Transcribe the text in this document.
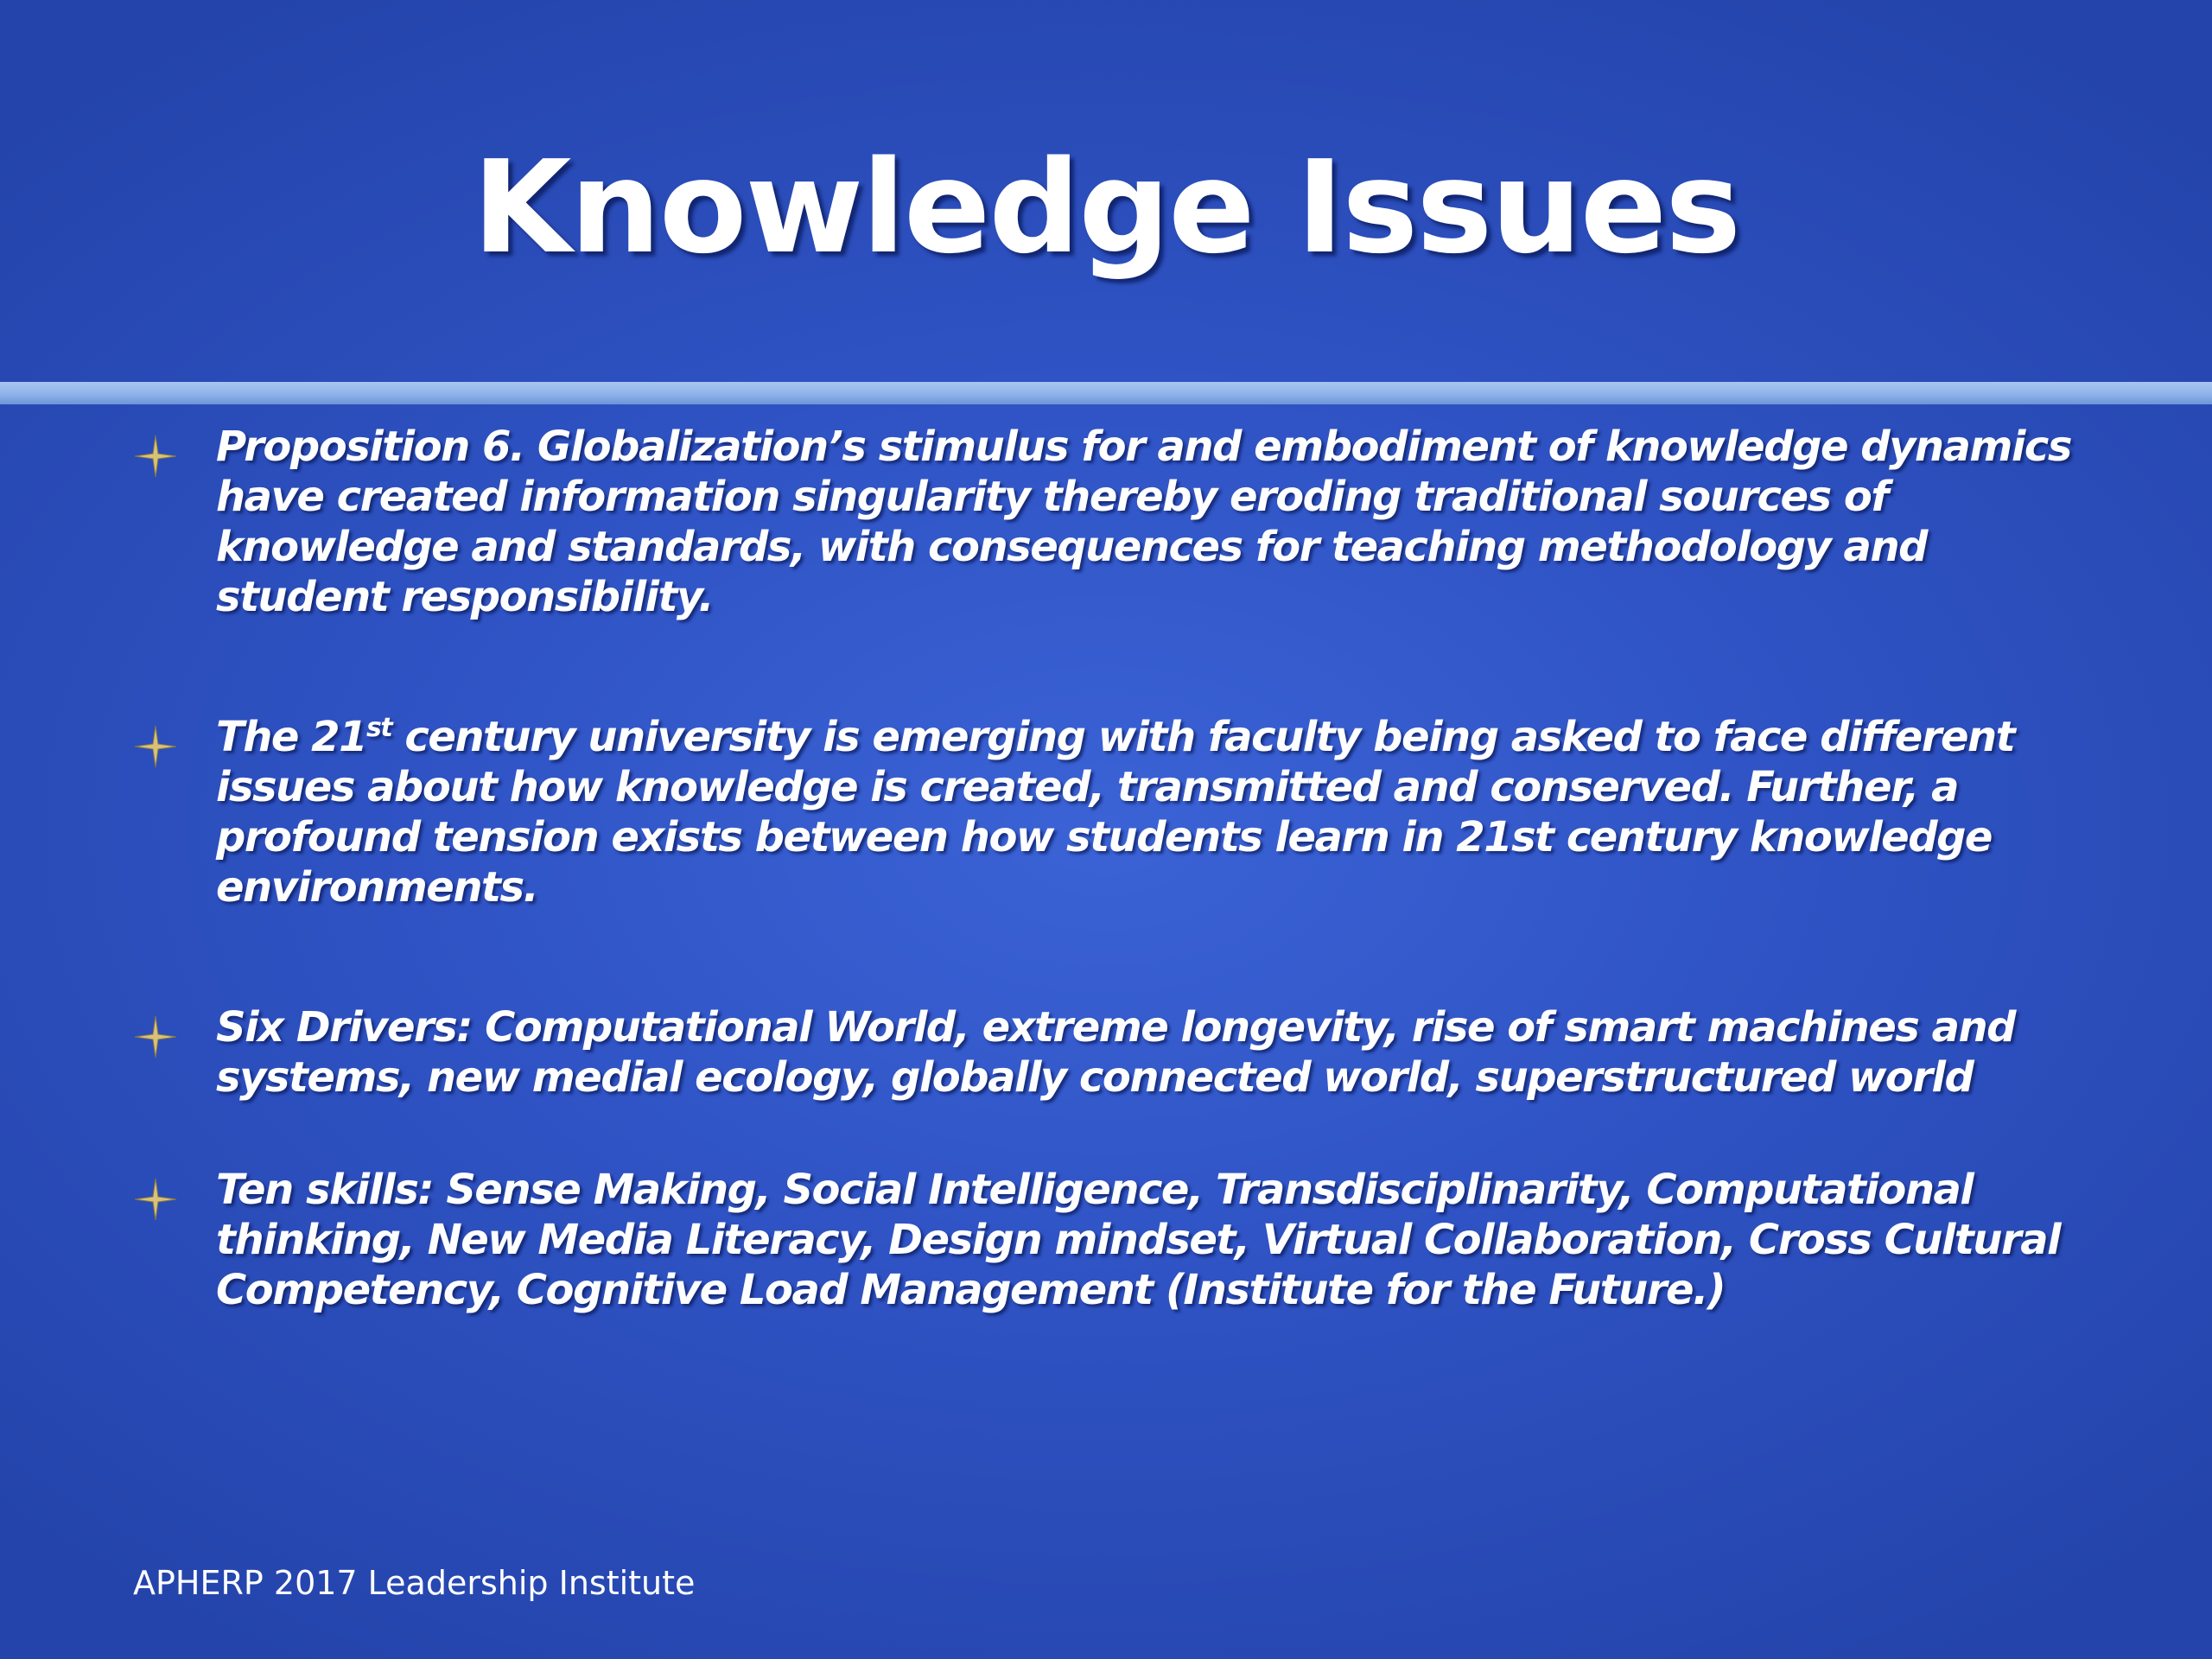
Knowledge Issues
Proposition 6. Globalization’s stimulus for and embodiment of knowledge dynamics have created information singularity thereby eroding traditional sources of knowledge and standards, with consequences for teaching methodology and student responsibility.
The 21st century university is emerging with faculty being asked to face different issues about how knowledge is created, transmitted and conserved. Further, a profound tension exists between how students learn in 21st century knowledge environments.
Six Drivers: Computational World, extreme longevity, rise of smart machines and systems, new medial ecology, globally connected world, superstructured world
Ten skills: Sense Making, Social Intelligence, Transdisciplinarity, Computational thinking, New Media Literacy, Design mindset, Virtual Collaboration, Cross Cultural Competency, Cognitive Load Management (Institute for the Future.)
APHERP 2017 Leadership Institute
